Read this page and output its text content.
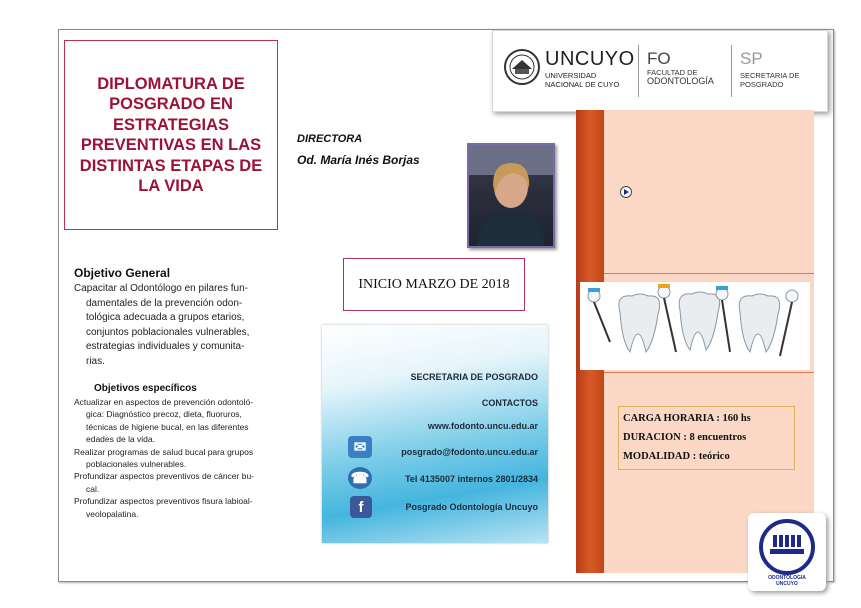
UNCUYO
UNIVERSIDAD
NACIONAL DE CUYO
FO
FACULTAD DE
ODONTOLOGÍA
SP
SECRETARIA DE
POSGRADO
DIPLOMATURA DE POSGRADO EN ESTRATEGIAS PREVENTIVAS EN LAS DISTINTAS ETAPAS DE LA VIDA
DIRECTORA
Od. María Inés Borjas
CARGA HORARIA : 160 hs
DURACION : 8 encuentros
MODALIDAD : teórico
INICIO MARZO DE 2018
Objetivo General
Capacitar al Odontólogo en pilares fun-
damentales de la prevención odon-
tológica adecuada a grupos etarios,
conjuntos poblacionales vulnerables,
estrategias individuales y comunita-
rias.
Objetivos específicos
Actualizar en aspectos de prevención odontoló-
gica: Diagnóstico precoz, dieta, fluoruros,
técnicas de higiene bucal, en las diferentes
edades de la vida.
Realizar programas de salud bucal para grupos
poblacionales vulnerables.
Profundizar aspectos preventivos de cáncer bu-
cal.
Profundizar aspectos preventivos fisura labioal-
veolopalatina.
SECRETARIA DE POSGRADO
CONTACTOS
www.fodonto.uncu.edu.ar
✉	posgrado@fodonto.uncu.edu.ar
☎	Tel 4135007 internos 2801/2834
f	Posgrado Odontología Uncuyo
ODONTOLOGIA
UNCUYO
